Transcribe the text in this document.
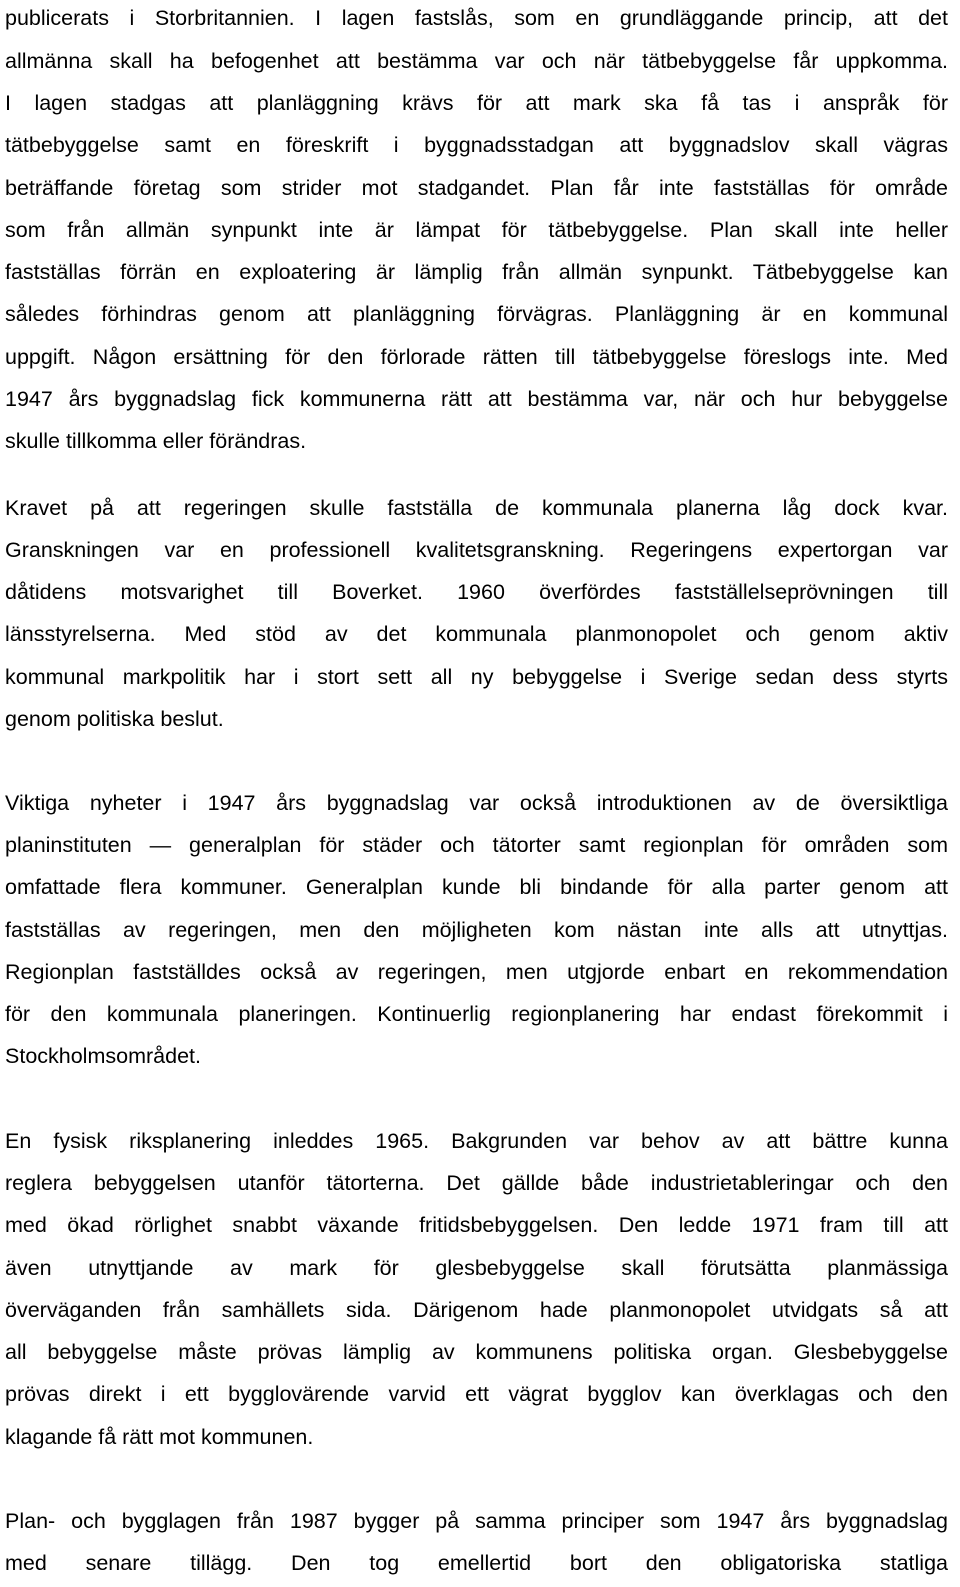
publicerats i Storbritannien. I lagen fastslås, som en grundläggande princip, att det
allmänna skall ha befogenhet att bestämma var och när tätbebyggelse får uppkomma.
I lagen stadgas att planläggning krävs för att mark ska få tas i anspråk för
tätbebyggelse samt en föreskrift i byggnadsstadgan att byggnadslov skall vägras
beträffande företag som strider mot stadgandet. Plan får inte fastställas för område
som från allmän synpunkt inte är lämpat för tätbebyggelse. Plan skall inte heller
fastställas förrän en exploatering är lämplig från allmän synpunkt. Tätbebyggelse kan
således förhindras genom att planläggning förvägras. Planläggning är en kommunal
uppgift. Någon ersättning för den förlorade rätten till tätbebyggelse föreslogs inte. Med
1947 års byggnadslag fick kommunerna rätt att bestämma var, när och hur bebyggelse
skulle tillkomma eller förändras.
Kravet på att regeringen skulle fastställa de kommunala planerna låg dock kvar.
Granskningen var en professionell kvalitetsgranskning. Regeringens expertorgan var
dåtidens motsvarighet till Boverket. 1960 överfördes fastställelseprövningen till
länsstyrelserna. Med stöd av det kommunala planmonopolet och genom aktiv
kommunal markpolitik har i stort sett all ny bebyggelse i Sverige sedan dess styrts
genom politiska beslut.
Viktiga nyheter i 1947 års byggnadslag var också introduktionen av de översiktliga
planinstituten — generalplan för städer och tätorter samt regionplan för områden som
omfattade flera kommuner. Generalplan kunde bli bindande för alla parter genom att
fastställas av regeringen, men den möjligheten kom nästan inte alls att utnyttjas.
Regionplan fastställdes också av regeringen, men utgjorde enbart en rekommendation
för den kommunala planeringen. Kontinuerlig regionplanering har endast förekommit i
Stockholmsområdet.
En fysisk riksplanering inleddes 1965. Bakgrunden var behov av att bättre kunna
reglera bebyggelsen utanför tätorterna. Det gällde både industrietableringar och den
med ökad rörlighet snabbt växande fritidsbebyggelsen. Den ledde 1971 fram till att
även utnyttjande av mark för glesbebyggelse skall förutsätta planmässiga
överväganden från samhällets sida. Därigenom hade planmonopolet utvidgats så att
all bebyggelse måste prövas lämplig av kommunens politiska organ. Glesbebyggelse
prövas direkt i ett bygglovärende varvid ett vägrat bygglov kan överklagas och den
klagande få rätt mot kommunen.
Plan- och bygglagen från 1987 bygger på samma principer som 1947 års byggnadslag
med senare tillägg. Den tog emellertid bort den obligatoriska statliga
